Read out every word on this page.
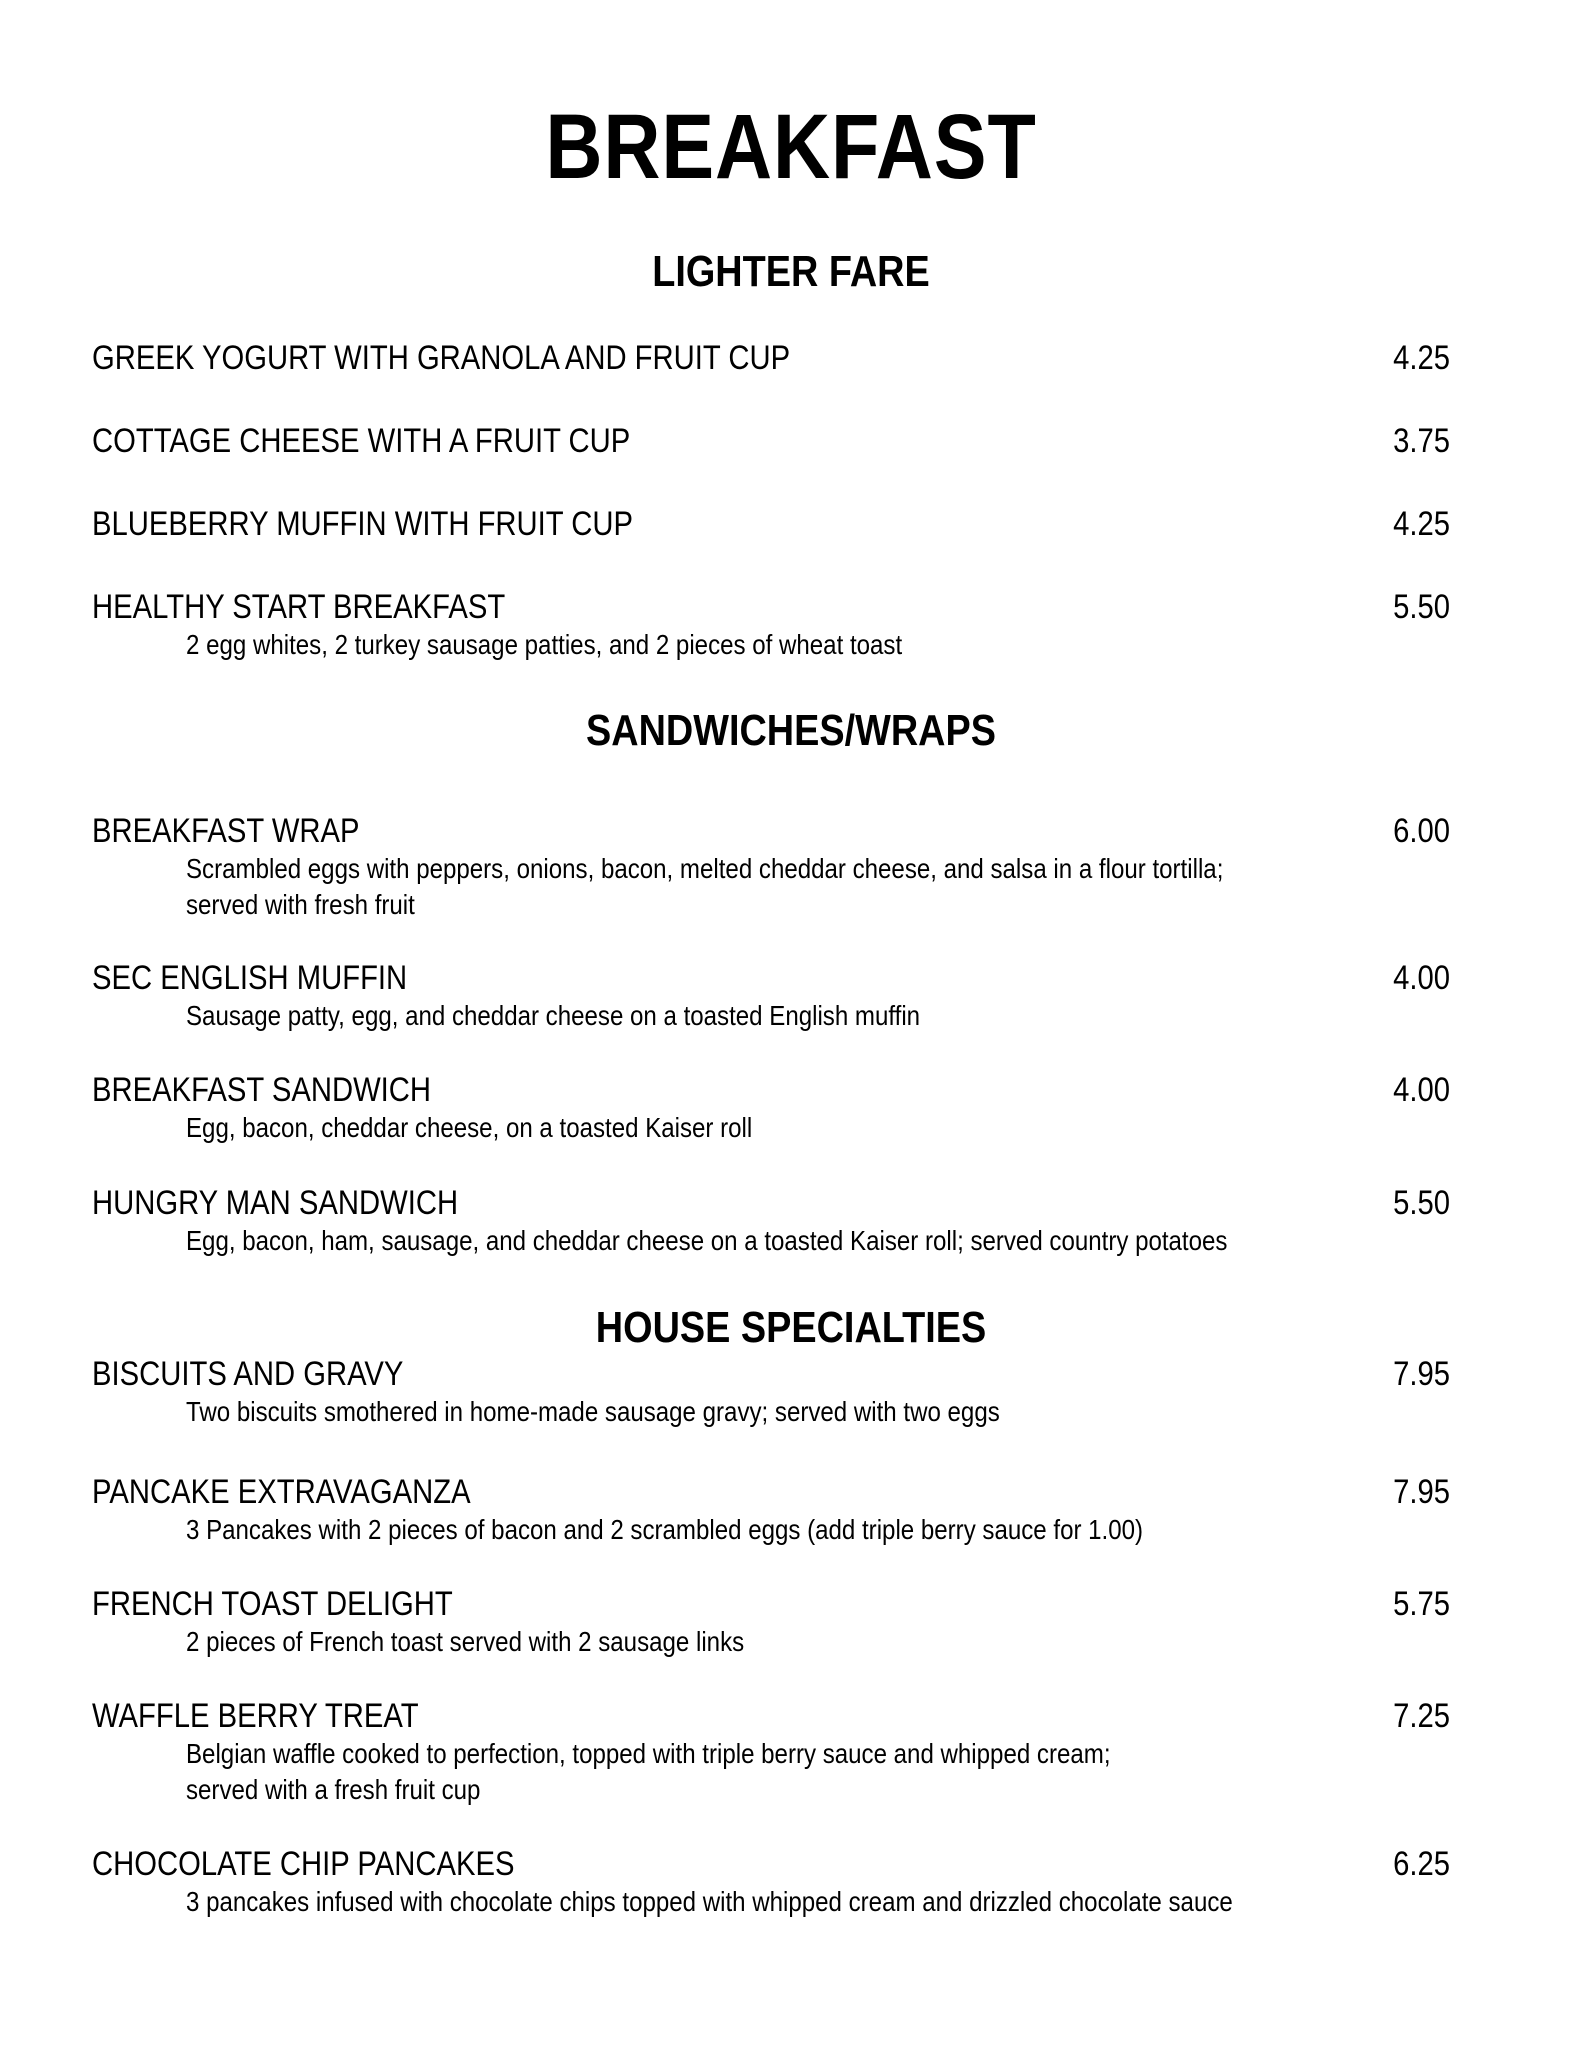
BREAKFAST
LIGHTER FARE
GREEK YOGURT WITH GRANOLA AND FRUIT CUP	4.25
COTTAGE CHEESE WITH A FRUIT CUP	3.75
BLUEBERRY MUFFIN WITH FRUIT CUP	4.25
HEALTHY START BREAKFAST	5.50
2 egg whites, 2 turkey sausage patties, and 2 pieces of wheat toast
SANDWICHES/WRAPS
BREAKFAST WRAP	6.00
Scrambled eggs with peppers, onions, bacon, melted cheddar cheese, and salsa in a flour tortilla;
served with fresh fruit
SEC ENGLISH MUFFIN	4.00
Sausage patty, egg, and cheddar cheese on a toasted English muffin
BREAKFAST SANDWICH	4.00
Egg, bacon, cheddar cheese, on a toasted Kaiser roll
HUNGRY MAN SANDWICH	5.50
Egg, bacon, ham, sausage, and cheddar cheese on a toasted Kaiser roll; served country potatoes
HOUSE SPECIALTIES
BISCUITS AND GRAVY	7.95
Two biscuits smothered in home-made sausage gravy; served with two eggs
PANCAKE EXTRAVAGANZA	7.95
3 Pancakes with 2 pieces of bacon and 2 scrambled eggs (add triple berry sauce for 1.00)
FRENCH TOAST DELIGHT	5.75
2 pieces of French toast served with 2 sausage links
WAFFLE BERRY TREAT	7.25
Belgian waffle cooked to perfection, topped with triple berry sauce and whipped cream;
served with a fresh fruit cup
CHOCOLATE CHIP PANCAKES	6.25
3 pancakes infused with chocolate chips topped with whipped cream and drizzled chocolate sauce
